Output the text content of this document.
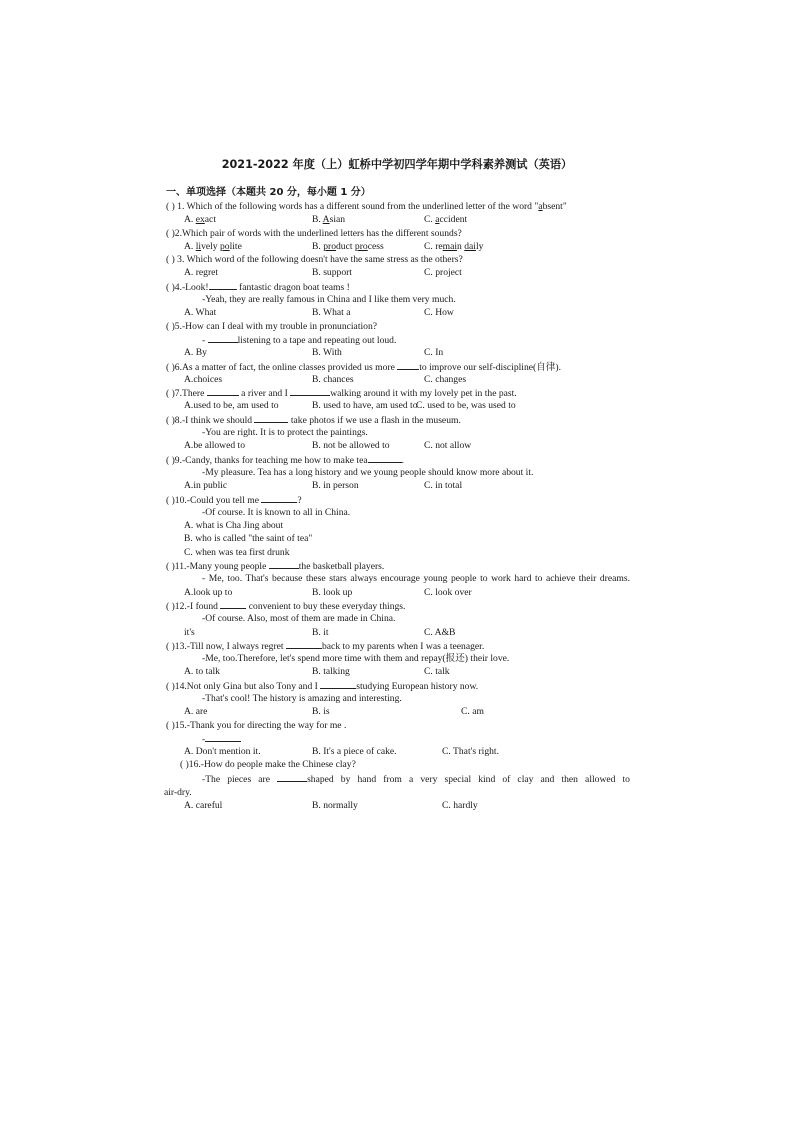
2021-2022 年度（上）虹桥中学初四学年期中学科素养测试（英语）
一、单项选择（本题共 20 分，每小题 1 分）
( ) 1. Which of the following words has a different sound from the underlined letter of the word "absent"
A. exact	B. Asian	C. accident
( )2.Which pair of words with the underlined letters has the different sounds?
A. lively polite	B. product process	C. remain daily
( ) 3. Which word of the following doesn't have the same stress as the others?
A. regret	B. support	C. project
( )4.-Look!	fantastic dragon boat teams !
-Yeah, they are really famous in China and I like them very much.
A. What	B. What a	C. How
( )5.-How can I deal with my trouble in pronunciation?
-	listening to a tape and repeating out loud.
A. By	B. With	C. In
( )6.As a matter of fact, the online classes provided us more to improve our self-discipline(自律).
A.choices	B. chances	C. changes
( )7.There	a river and I	walking around it with my lovely pet in the past.
A.used to be, am used to	B. used to have, am used to
C. used to be, was used to
( )8.-I think we should	take photos if we use a flash in the museum.
-You are right. It is to protect the paintings.
A.be allowed to	B. not be allowed to	C. not allow
( )9.-Candy, thanks for teaching me how to make tea	.
-My pleasure. Tea has a long history and we young people should know more about it.
A.in public	B. in person	C. in total
( )10.-Could you tell me	?
-Of course. It is known to all in China.
A. what is Cha Jing about
B. who is called "the saint of tea"
C. when was tea first drunk
( )11.-Many young people	the basketball players.
- Me, too. That's because these stars always encourage young people to work hard to achieve their dreams.
A.look up to	B. look up	C. look over
( )12.-I found	convenient to buy these everyday things.
-Of course. Also, most of them are made in China.
it's	B. it	C. A&B
( )13.-Till now, I always regret	back to my parents when I was a teenager.
-Me, too.Therefore, let's spend more time with them and repay(报还) their love.
A. to talk	B. talking	C. talk
( )14.Not only Gina but also Tony and I	studying European history now.
-That's cool! The history is amazing and interesting.
A. are	B. is	C. am
( )15.-Thank you for directing the way for me .
-
A. Don't mention it.	B. It's a piece of cake.	C. That's right.
( )16.-How do people make the Chinese clay?
-The pieces are	shaped by hand from a very special kind of clay and then allowed to
air-dry.
A. careful	B. normally	C. hardly
